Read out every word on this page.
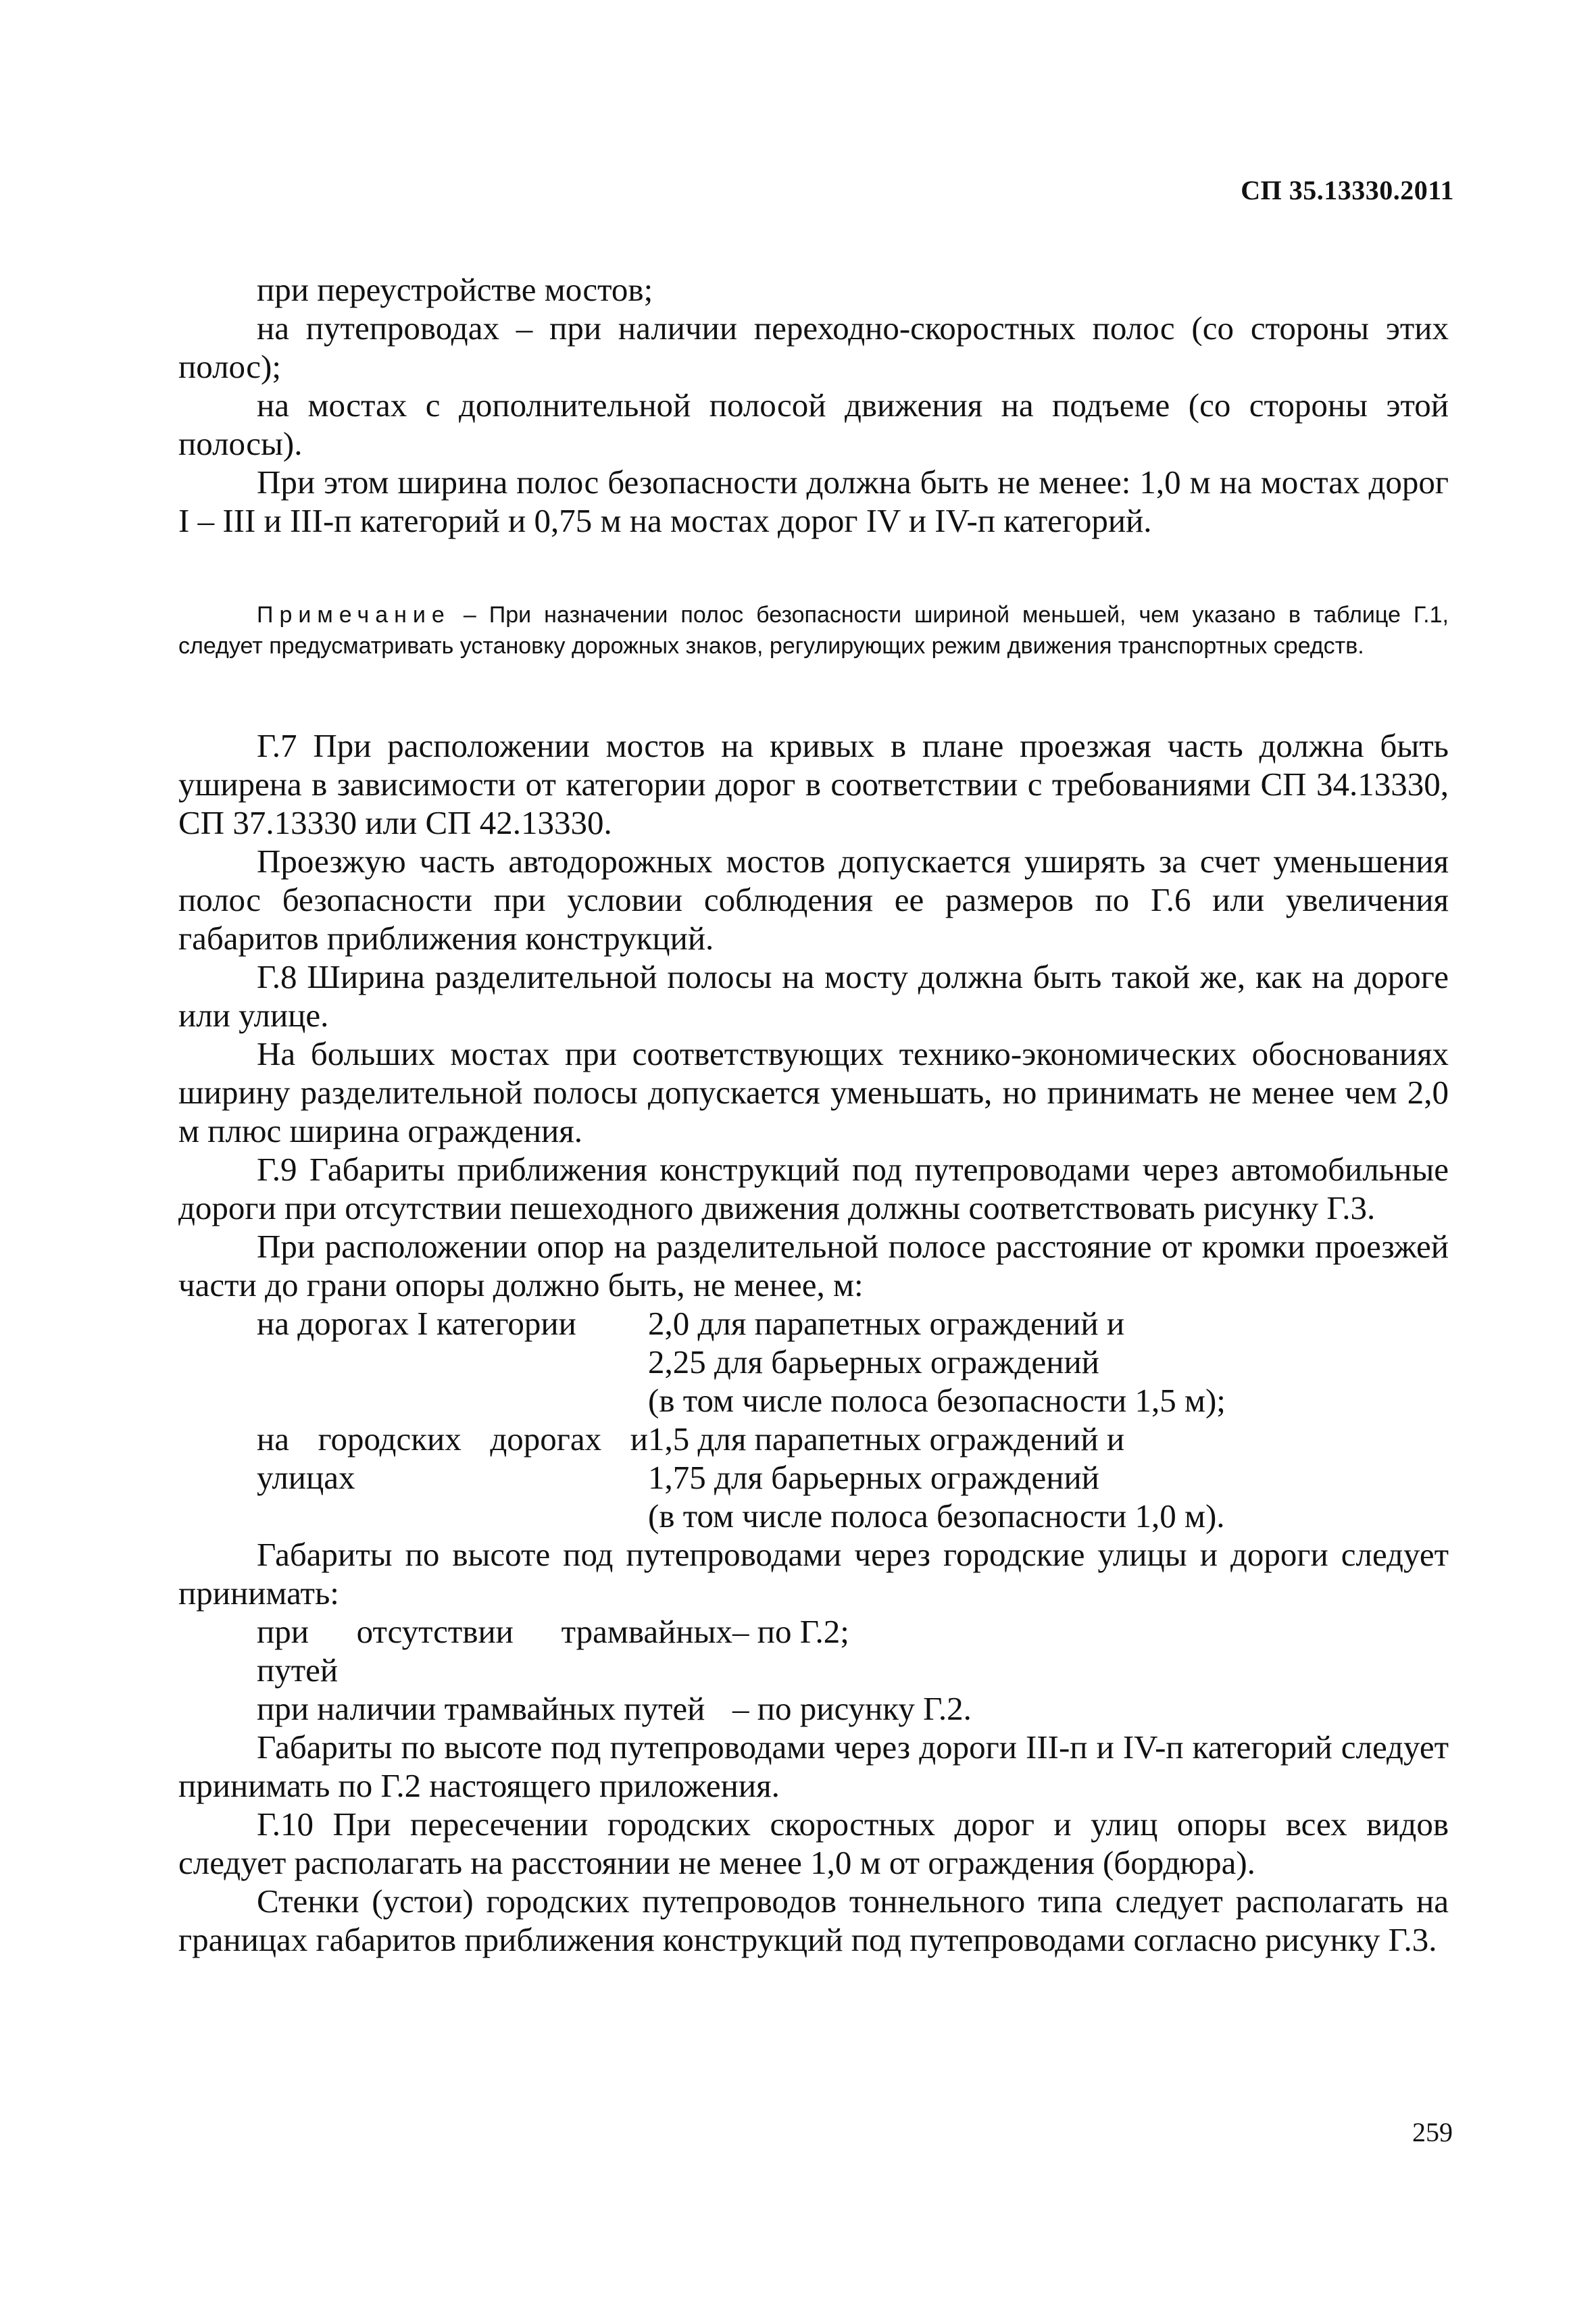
СП 35.13330.2011

при переустройстве мостов;

на путепроводах – при наличии переходно-скоростных полос (со стороны этих полос);

на мостах с дополнительной полосой движения на подъеме (со стороны этой полосы).

При этом ширина полос безопасности должна быть не менее: 1,0 м на мостах дорог I – III и III-п категорий и 0,75 м на мостах дорог IV и IV-п категорий.

Примечание – При назначении полос безопасности шириной меньшей, чем указано в таблице Г.1, следует предусматривать установку дорожных знаков, регулирующих режим движения транспортных средств.

Г.7 При расположении мостов на кривых в плане проезжая часть должна быть уширена в зависимости от категории дорог в соответствии с требованиями СП 34.13330, СП 37.13330 или СП 42.13330.

Проезжую часть автодорожных мостов допускается уширять за счет уменьшения полос безопасности при условии соблюдения ее размеров по Г.6 или увеличения габаритов приближения конструкций.

Г.8 Ширина разделительной полосы на мосту должна быть такой же, как на дороге или улице.

На больших мостах при соответствующих технико-экономических обоснованиях ширину разделительной полосы допускается уменьшать, но принимать не менее чем 2,0 м плюс ширина ограждения.

Г.9 Габариты приближения конструкций под путепроводами через автомобильные дороги при отсутствии пешеходного движения должны соответствовать рисунку Г.3.

При расположении опор на разделительной полосе расстояние от кромки проезжей части до грани опоры должно быть, не менее, м:

на дорогах I категории	2,0 для парапетных ограждений и
2,25 для барьерных ограждений
(в том числе полоса безопасности 1,5 м);
на городских дорогах и улицах
1,5 для парапетных ограждений и
1,75 для барьерных ограждений
(в том числе полоса безопасности 1,0 м).

Габариты по высоте под путепроводами через городские улицы и дороги следует принимать:

при отсутствии трамвайных путей
– по Г.2;
при наличии трамвайных путей – по рисунку Г.2.

Габариты по высоте под путепроводами через дороги III-п и IV-п категорий следует принимать по Г.2 настоящего приложения.

Г.10 При пересечении городских скоростных дорог и улиц опоры всех видов следует располагать на расстоянии не менее 1,0 м от ограждения (бордюра).

Стенки (устои) городских путепроводов тоннельного типа следует располагать на границах габаритов приближения конструкций под путепроводами согласно рисунку Г.3.

259
